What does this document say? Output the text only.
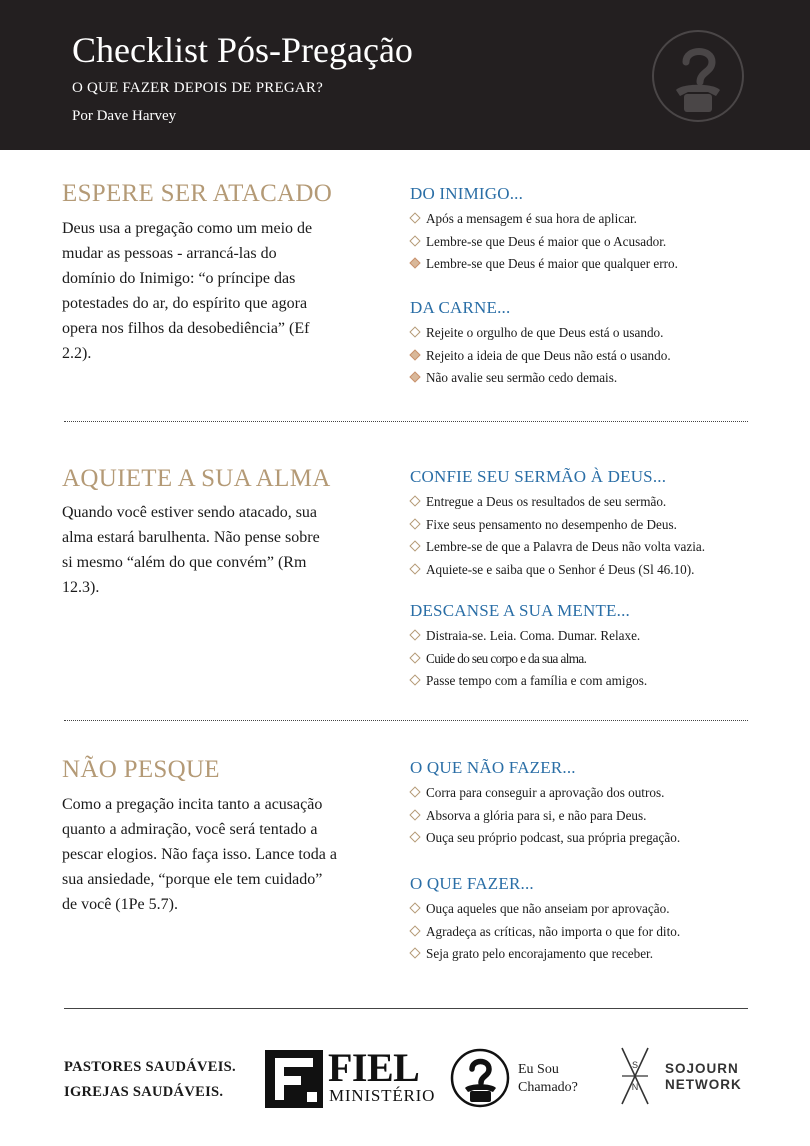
Checklist Pós-Pregação
O QUE FAZER DEPOIS DE PREGAR?
Por Dave Harvey
ESPERE SER ATACADO
Deus usa a pregação como um meio de
mudar as pessoas - arrancá-las do
domínio do Inimigo: “o príncipe das
potestades do ar, do espírito que agora
opera nos filhos da desobediência” (Ef
2.2).
DO INIMIGO...
Após a mensagem é sua hora de aplicar.
Lembre-se que Deus é maior que o Acusador.
Lembre-se que Deus é maior que qualquer erro.
DA CARNE...
Rejeite o orgulho de que Deus está o usando.
Rejeito a ideia de que Deus não está o usando.
Não avalie seu sermão cedo demais.
AQUIETE A SUA ALMA
Quando você estiver sendo atacado, sua
alma estará barulhenta. Não pense sobre
si mesmo “além do que convém” (Rm
12.3).
CONFIE SEU SERMÃO À DEUS...
Entregue a Deus os resultados de seu sermão.
Fixe seus pensamento no desempenho de Deus.
Lembre-se de que a Palavra de Deus não volta vazia.
Aquiete-se e saiba que o Senhor é Deus (Sl 46.10).
DESCANSE A SUA MENTE...
Distraia-se. Leia. Coma. Dumar. Relaxe.
Cuide do seu corpo e da sua alma.
Passe tempo com a família e com amigos.
NÃO PESQUE
Como a pregação incita tanto a acusação
quanto a admiração, você será tentado a
pescar elogios. Não faça isso. Lance toda a
sua ansiedade, “porque ele tem cuidado”
de você (1Pe 5.7).
O QUE NÃO FAZER...
Corra para conseguir a aprovação dos outros.
Absorva a glória para si, e não para Deus.
Ouça seu próprio podcast, sua própria pregação.
O QUE FAZER...
Ouça aqueles que não anseiam por aprovação.
Agradeça as críticas, não importa o que for dito.
Seja grato pelo encorajamento que receber.
PASTORES SAUDÁVEIS.
IGREJAS SAUDÁVEIS.
FIEL
MINISTÉRIO
Eu Sou
Chamado?
S
N
SOJOURN
NETWORK
